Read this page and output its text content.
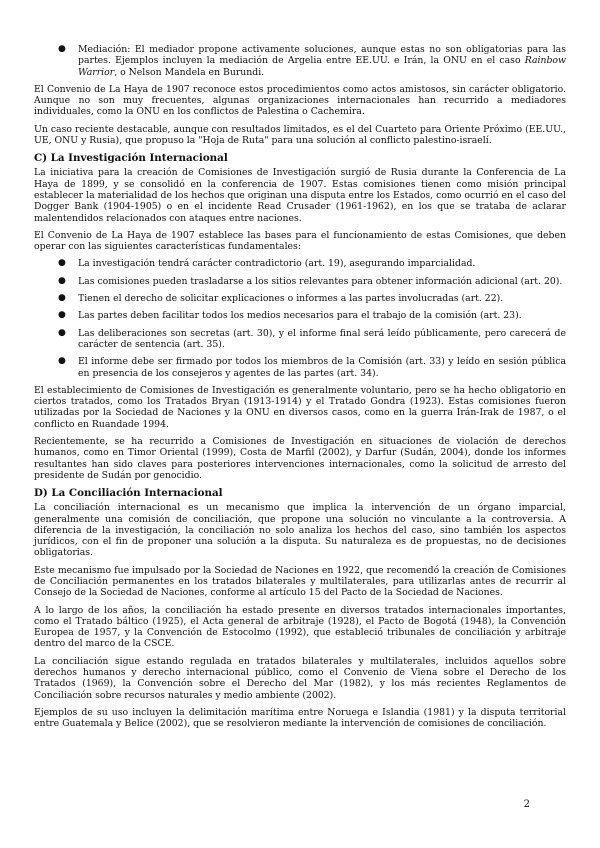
● Mediación: El mediador propone activamente soluciones, aunque estas no son obligatorias para las partes. Ejemplos incluyen la mediación de Argelia entre EE.UU. e Irán, la ONU en el caso Rainbow Warrior, o Nelson Mandela en Burundi.

El Convenio de La Haya de 1907 reconoce estos procedimientos como actos amistosos, sin carácter obligatorio. Aunque no son muy frecuentes, algunas organizaciones internacionales han recurrido a mediadores individuales, como la ONU en los conflictos de Palestina o Cachemira.

Un caso reciente destacable, aunque con resultados limitados, es el del Cuarteto para Oriente Próximo (EE.UU., UE, ONU y Rusia), que propuso la "Hoja de Ruta" para una solución al conflicto palestino-israelí.

C) La Investigación Internacional

La iniciativa para la creación de Comisiones de Investigación surgió de Rusia durante la Conferencia de La Haya de 1899, y se consolidó en la conferencia de 1907. Estas comisiones tienen como misión principal establecer la materialidad de los hechos que originan una disputa entre los Estados, como ocurrió en el caso del Dogger Bank (1904-1905) o en el incidente Read Crusader (1961-1962), en los que se trataba de aclarar malentendidos relacionados con ataques entre naciones.

El Convenio de La Haya de 1907 establece las bases para el funcionamiento de estas Comisiones, que deben operar con las siguientes características fundamentales:

● La investigación tendrá carácter contradictorio (art. 19), asegurando imparcialidad.
● Las comisiones pueden trasladarse a los sitios relevantes para obtener información adicional (art. 20).
● Tienen el derecho de solicitar explicaciones o informes a las partes involucradas (art. 22).
● Las partes deben facilitar todos los medios necesarios para el trabajo de la comisión (art. 23).
● Las deliberaciones son secretas (art. 30), y el informe final será leído públicamente, pero carecerá de carácter de sentencia (art. 35).
● El informe debe ser firmado por todos los miembros de la Comisión (art. 33) y leído en sesión pública en presencia de los consejeros y agentes de las partes (art. 34).

El establecimiento de Comisiones de Investigación es generalmente voluntario, pero se ha hecho obligatorio en ciertos tratados, como los Tratados Bryan (1913-1914) y el Tratado Gondra (1923). Estas comisiones fueron utilizadas por la Sociedad de Naciones y la ONU en diversos casos, como en la guerra Irán-Irak de 1987, o el conflicto en Ruandade 1994.

Recientemente, se ha recurrido a Comisiones de Investigación en situaciones de violación de derechos humanos, como en Timor Oriental (1999), Costa de Marfil (2002), y Darfur (Sudán, 2004), donde los informes resultantes han sido claves para posteriores intervenciones internacionales, como la solicitud de arresto del presidente de Sudán por genocidio.

D) La Conciliación Internacional

La conciliación internacional es un mecanismo que implica la intervención de un órgano imparcial, generalmente una comisión de conciliación, que propone una solución no vinculante a la controversia. A diferencia de la investigación, la conciliación no solo analiza los hechos del caso, sino también los aspectos jurídicos, con el fin de proponer una solución a la disputa. Su naturaleza es de propuestas, no de decisiones obligatorias.

Este mecanismo fue impulsado por la Sociedad de Naciones en 1922, que recomendó la creación de Comisiones de Conciliación permanentes en los tratados bilaterales y multilaterales, para utilizarlas antes de recurrir al Consejo de la Sociedad de Naciones, conforme al artículo 15 del Pacto de la Sociedad de Naciones.

A lo largo de los años, la conciliación ha estado presente en diversos tratados internacionales importantes, como el Tratado báltico (1925), el Acta general de arbitraje (1928), el Pacto de Bogotá (1948), la Convención Europea de 1957, y la Convención de Estocolmo (1992), que estableció tribunales de conciliación y arbitraje dentro del marco de la CSCE.

La conciliación sigue estando regulada en tratados bilaterales y multilaterales, incluidos aquellos sobre derechos humanos y derecho internacional público, como el Convenio de Viena sobre el Derecho de los Tratados (1969), la Convención sobre el Derecho del Mar (1982), y los más recientes Reglamentos de Conciliación sobre recursos naturales y medio ambiente (2002).

Ejemplos de su uso incluyen la delimitación marítima entre Noruega e Islandia (1981) y la disputa territorial entre Guatemala y Belice (2002), que se resolvieron mediante la intervención de comisiones de conciliación.

2
